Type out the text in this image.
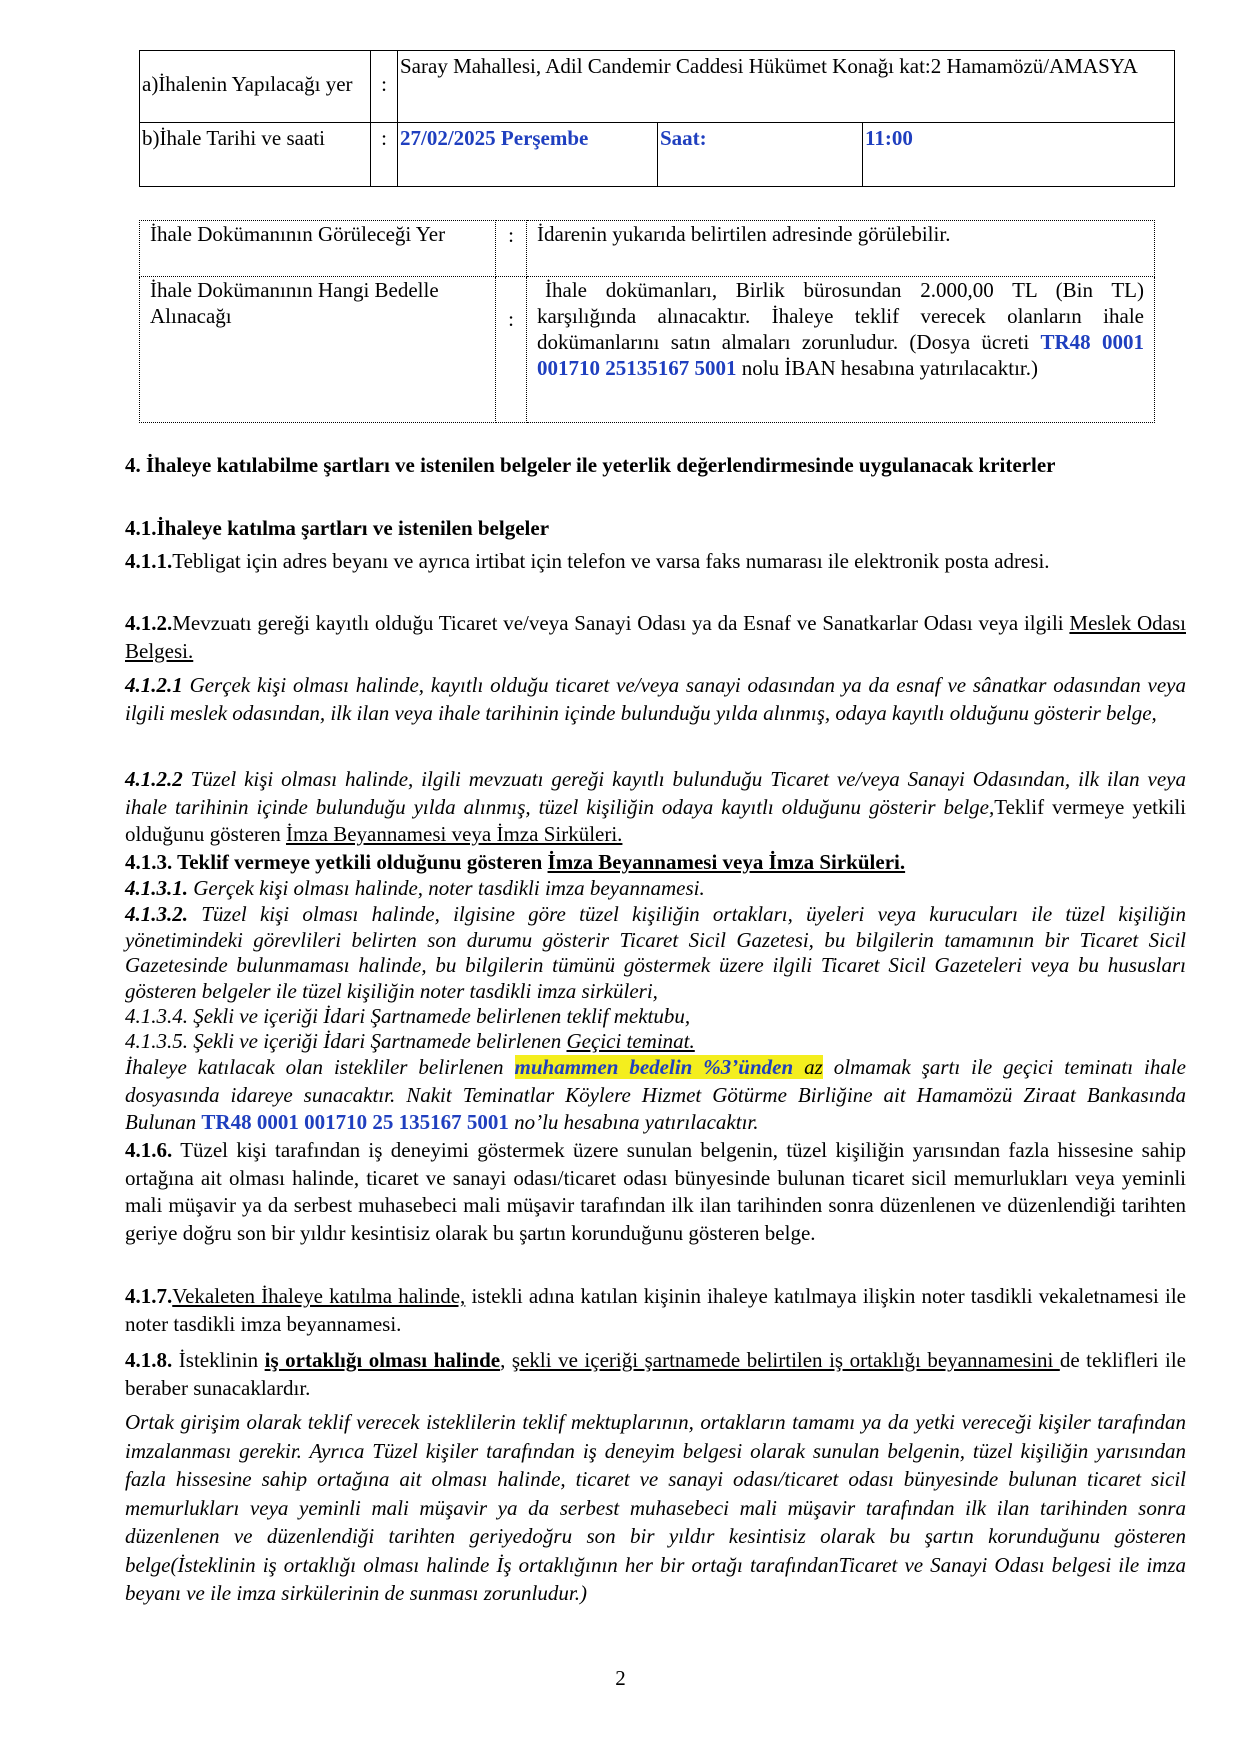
a)İhalenin Yapılacağı yer	:	Saray Mahallesi, Adil Candemir Caddesi Hükümet Konağı kat:2 Hamamözü/AMASYA		
b)İhale Tarihi ve saati	:	27/02/2025 Perşembe	Saat:	11:00
İhale Dokümanının Görüleceği Yer	:	İdarenin yukarıda belirtilen adresinde görülebilir.
İhale Dokümanının Hangi Bedelle Alınacağı	:	İhale dokümanları, Birlik bürosundan 2.000,00 TL (Bin TL) karşılığında alınacaktır. İhaleye teklif verecek olanların ihale dokümanlarını satın almaları zorunludur. (Dosya ücreti TR48 0001 001710 25135167 5001 nolu İBAN hesabına yatırılacaktır.)
4. İhaleye katılabilme şartları ve istenilen belgeler ile yeterlik değerlendirmesinde uygulanacak kriterler
4.1.İhaleye katılma şartları ve istenilen belgeler
4.1.1.Tebligat için adres beyanı ve ayrıca irtibat için telefon ve varsa faks numarası ile elektronik posta adresi.
4.1.2.Mevzuatı gereği kayıtlı olduğu Ticaret ve/veya Sanayi Odası ya da Esnaf ve Sanatkarlar Odası veya ilgili Meslek Odası Belgesi.
4.1.2.1 Gerçek kişi olması halinde, kayıtlı olduğu ticaret ve/veya sanayi odasından ya da esnaf ve sânatkar odasından veya ilgili meslek odasından, ilk ilan veya ihale tarihinin içinde bulunduğu yılda alınmış, odaya kayıtlı olduğunu gösterir belge,
4.1.2.2 Tüzel kişi olması halinde, ilgili mevzuatı gereği kayıtlı bulunduğu Ticaret ve/veya Sanayi Odasından, ilk ilan veya ihale tarihinin içinde bulunduğu yılda alınmış, tüzel kişiliğin odaya kayıtlı olduğunu gösterir belge,Teklif vermeye yetkili olduğunu gösteren İmza Beyannamesi veya İmza Sirküleri.
4.1.3. Teklif vermeye yetkili olduğunu gösteren İmza Beyannamesi veya İmza Sirküleri.
4.1.3.1. Gerçek kişi olması halinde, noter tasdikli imza beyannamesi.
4.1.3.2. Tüzel kişi olması halinde, ilgisine göre tüzel kişiliğin ortakları, üyeleri veya kurucuları ile tüzel kişiliğin yönetimindeki görevlileri belirten son durumu gösterir Ticaret Sicil Gazetesi, bu bilgilerin tamamının bir Ticaret Sicil Gazetesinde bulunmaması halinde, bu bilgilerin tümünü göstermek üzere ilgili Ticaret Sicil Gazeteleri veya bu hususları gösteren belgeler ile tüzel kişiliğin noter tasdikli imza sirküleri,
4.1.3.4. Şekli ve içeriği İdari Şartnamede belirlenen teklif mektubu,
4.1.3.5. Şekli ve içeriği İdari Şartnamede belirlenen Geçici teminat.
İhaleye katılacak olan istekliler belirlenen muhammen bedelin %3’ünden az olmamak şartı ile geçici teminatı ihale dosyasında idareye sunacaktır. Nakit Teminatlar Köylere Hizmet Götürme Birliğine ait Hamamözü Ziraat Bankasında Bulunan TR48 0001 001710 25 135167 5001 no’lu hesabına yatırılacaktır.
4.1.6. Tüzel kişi tarafından iş deneyimi göstermek üzere sunulan belgenin, tüzel kişiliğin yarısından fazla hissesine sahip ortağına ait olması halinde, ticaret ve sanayi odası/ticaret odası bünyesinde bulunan ticaret sicil memurlukları veya yeminli mali müşavir ya da serbest muhasebeci mali müşavir tarafından ilk ilan tarihinden sonra düzenlenen ve düzenlendiği tarihten geriye doğru son bir yıldır kesintisiz olarak bu şartın korunduğunu gösteren belge.
4.1.7.Vekaleten İhaleye katılma halinde, istekli adına katılan kişinin ihaleye katılmaya ilişkin noter tasdikli vekaletnamesi ile noter tasdikli imza beyannamesi.
4.1.8. İsteklinin iş ortaklığı olması halinde, şekli ve içeriği şartnamede belirtilen iş ortaklığı beyannamesini de teklifleri ile beraber sunacaklardır.
Ortak girişim olarak teklif verecek isteklilerin teklif mektuplarının, ortakların tamamı ya da yetki vereceği kişiler tarafından imzalanması gerekir. Ayrıca Tüzel kişiler tarafından iş deneyim belgesi olarak sunulan belgenin, tüzel kişiliğin yarısından fazla hissesine sahip ortağına ait olması halinde, ticaret ve sanayi odası/ticaret odası bünyesinde bulunan ticaret sicil memurlukları veya yeminli mali müşavir ya da serbest muhasebeci mali müşavir tarafından ilk ilan tarihinden sonra düzenlenen ve düzenlendiği tarihten geriyedoğru son bir yıldır kesintisiz olarak bu şartın korunduğunu gösteren belge(İsteklinin iş ortaklığı olması halinde İş ortaklığının her bir ortağı tarafındanTicaret ve Sanayi Odası belgesi ile imza beyanı ve ile imza sirkülerinin de sunması zorunludur.)
2
